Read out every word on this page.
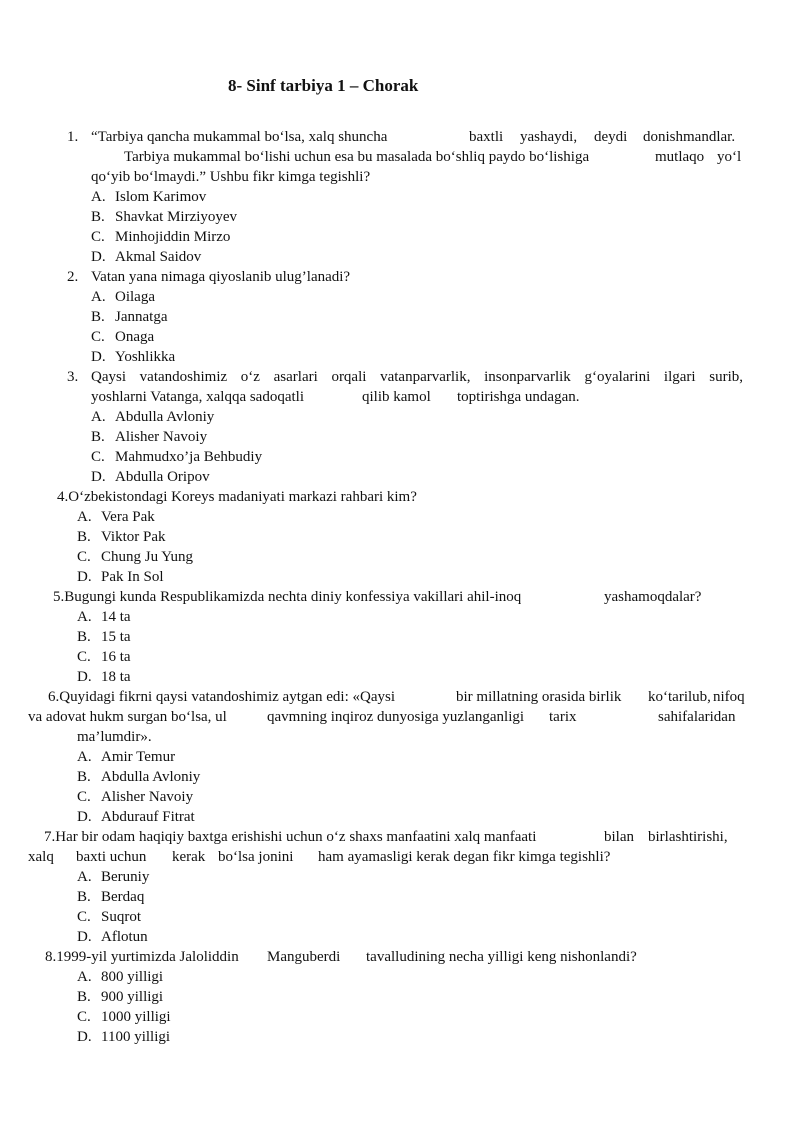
8- Sinf tarbiya 1 – Chorak
1. “Tarbiya qancha mukammal bo‘lsa, xalq shuncha	baxtli yashaydi, deydi donishmandlar.
Tarbiya mukammal bo‘lishi uchun esa bu masalada bo‘shliq paydo bo‘lishiga	mutlaqo yo‘l
qo‘yib bo‘lmaydi.” Ushbu fikr kimga tegishli?
A. Islom Karimov
B. Shavkat Mirziyoyev
C. Minhojiddin Mirzo
D. Akmal Saidov
2. Vatan yana nimaga qiyoslanib ulug’lanadi?
A. Oilaga
B. Jannatga
C. Onaga
D. Yoshlikka
3. Qaysi vatandoshimiz o‘z asarlari orqali vatanparvarlik, insonparvarlik g‘oyalarini ilgari surib,
yoshlarni Vatanga, xalqqa sadoqatli	qilib kamol toptirishga undagan.
A. Abdulla Avloniy
B. Alisher Navoiy
C. Mahmudxo’ja Behbudiy
D. Abdulla Oripov
4.O‘zbekistondagi Koreys madaniyati markazi rahbari kim?
A. Vera Pak
B. Viktor Pak
C. Chung Ju Yung
D. Pak In Sol
5.Bugungi kunda Respublikamizda nechta diniy konfessiya vakillari ahil-inoq	yashamoqdalar?
A. 14 ta
B. 15 ta
C. 16 ta
D. 18 ta
6.Quyidagi fikrni qaysi vatandoshimiz aytgan edi: «Qaysi	bir millatning orasida birlik ko‘tarilub, nifoq
va adovat hukm surgan bo‘lsa, ul	qavmning inqiroz dunyosiga yuzlanganligi tarix	sahifalaridan
ma’lumdir».
A. Amir Temur
B. Abdulla Avloniy
C. Alisher Navoiy
D. Abdurauf Fitrat
7.Har bir odam haqiqiy baxtga erishishi uchun o‘z shaxs manfaatini xalq manfaati	bilan birlashtirishi,
xalq baxti uchun kerak bo‘lsa jonini ham ayamasligi kerak degan fikr kimga tegishli?
A. Beruniy
B. Berdaq
C. Suqrot
D. Aflotun
8.1999-yil yurtimizda Jaloliddin Manguberdi tavalludining necha yilligi keng nishonlandi?
A. 800 yilligi
B. 900 yilligi
C. 1000 yilligi
D. 1100 yilligi
